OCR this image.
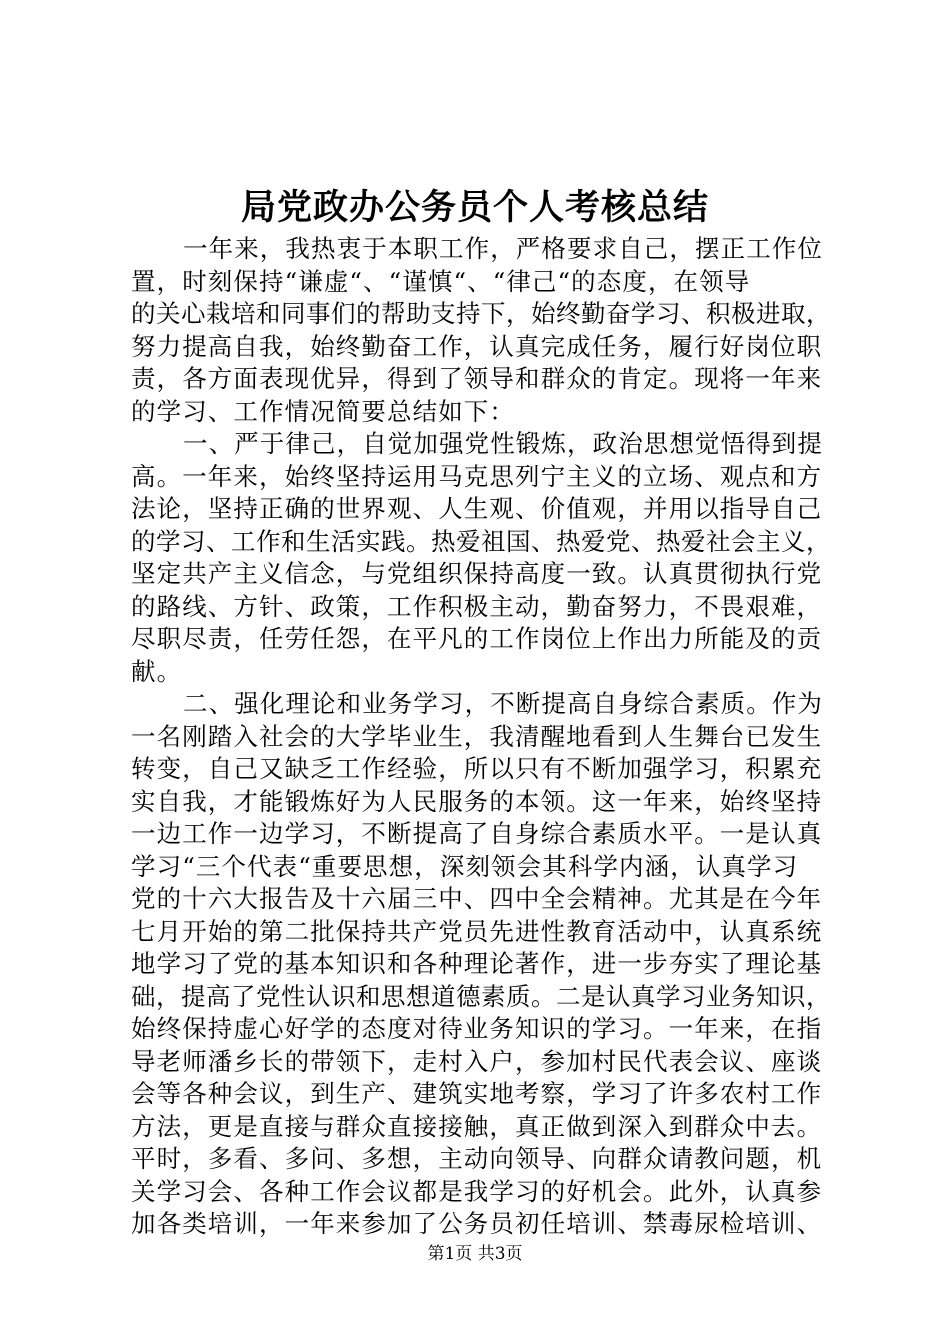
局党政办公务员个人考核总结
一年来，我热衷于本职工作，严格要求自己，摆正工作位
置，时刻保持“谦虚“、“谨慎“、“律己“的态度，在领导
的关心栽培和同事们的帮助支持下，始终勤奋学习、积极进取，
努力提高自我，始终勤奋工作，认真完成任务，履行好岗位职
责，各方面表现优异，得到了领导和群众的肯定。现将一年来
的学习、工作情况简要总结如下：
一、严于律己，自觉加强党性锻炼，政治思想觉悟得到提
高。一年来，始终坚持运用马克思列宁主义的立场、观点和方
法论，坚持正确的世界观、人生观、价值观，并用以指导自己
的学习、工作和生活实践。热爱祖国、热爱党、热爱社会主义，
坚定共产主义信念，与党组织保持高度一致。认真贯彻执行党
的路线、方针、政策，工作积极主动，勤奋努力，不畏艰难，
尽职尽责，任劳任怨，在平凡的工作岗位上作出力所能及的贡
献。
二、强化理论和业务学习，不断提高自身综合素质。作为
一名刚踏入社会的大学毕业生，我清醒地看到人生舞台已发生
转变，自己又缺乏工作经验，所以只有不断加强学习，积累充
实自我，才能锻炼好为人民服务的本领。这一年来，始终坚持
一边工作一边学习，不断提高了自身综合素质水平。一是认真
学习“三个代表“重要思想，深刻领会其科学内涵，认真学习
党的十六大报告及十六届三中、四中全会精神。尤其是在今年
七月开始的第二批保持共产党员先进性教育活动中，认真系统
地学习了党的基本知识和各种理论著作，进一步夯实了理论基
础，提高了党性认识和思想道德素质。二是认真学习业务知识，
始终保持虚心好学的态度对待业务知识的学习。一年来，在指
导老师潘乡长的带领下，走村入户，参加村民代表会议、座谈
会等各种会议，到生产、建筑实地考察，学习了许多农村工作
方法，更是直接与群众直接接触，真正做到深入到群众中去。
平时，多看、多问、多想，主动向领导、向群众请教问题，机
关学习会、各种工作会议都是我学习的好机会。此外，认真参
加各类培训，一年来参加了公务员初任培训、禁毒尿检培训、
第1页 共3页
